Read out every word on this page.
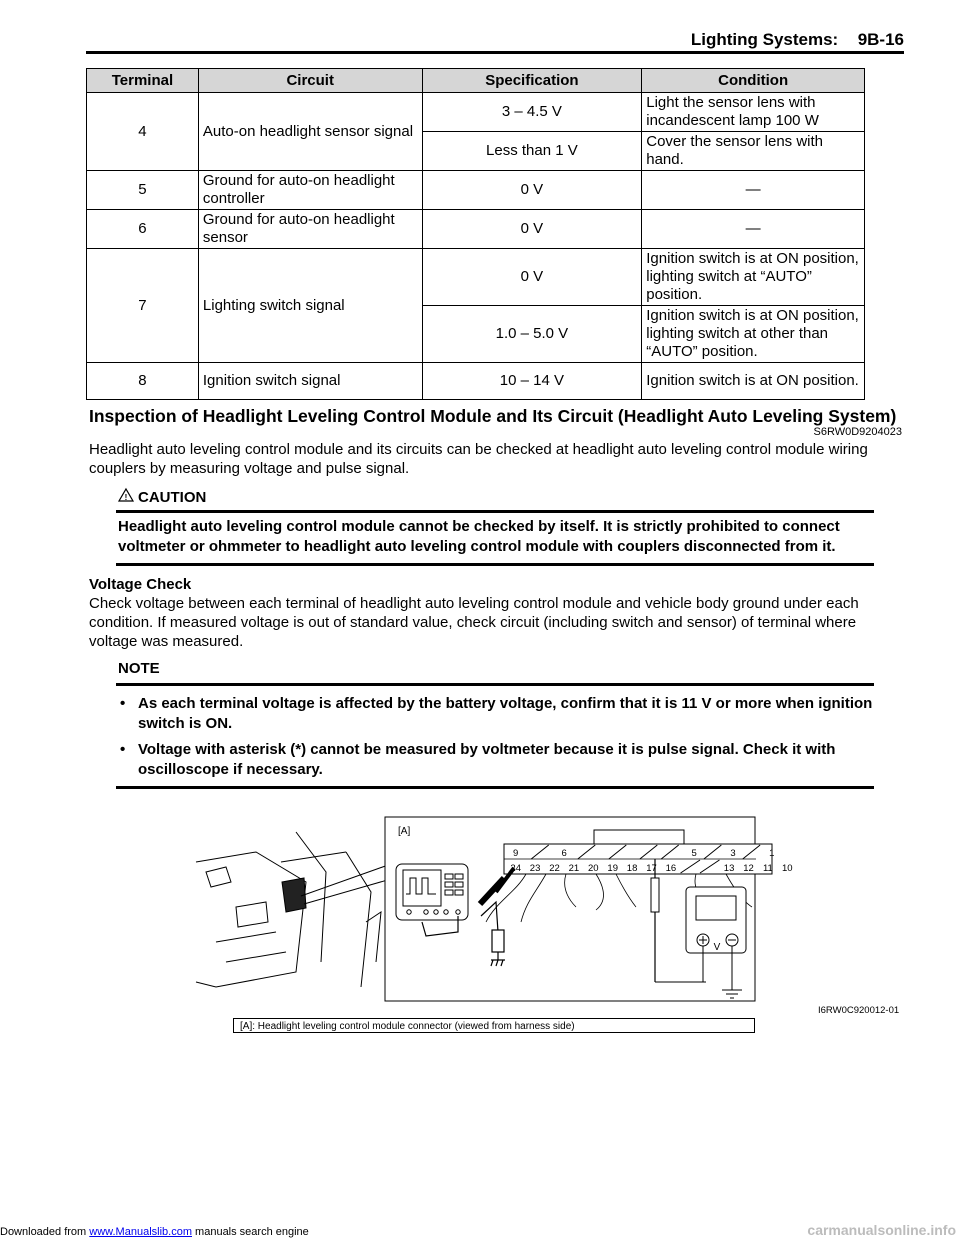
Lighting Systems: 9B-16
Terminal	Circuit	Specification	Condition
4	Auto-on headlight sensor signal	3 – 4.5 V	Light the sensor lens with incandescent lamp 100 W
		Less than 1 V	Cover the sensor lens with hand.
5	Ground for auto-on headlight controller	0 V	—
6	Ground for auto-on headlight sensor	0 V	—
7	Lighting switch signal	0 V	Ignition switch is at ON position, lighting switch at “AUTO” position.
		1.0 – 5.0 V	Ignition switch is at ON position, lighting switch at other than “AUTO” position.
8	Ignition switch signal	10 – 14 V	Ignition switch is at ON position.
Inspection of Headlight Leveling Control Module and Its Circuit (Headlight Auto Leveling System)
S6RW0D9204023
Headlight auto leveling control module and its circuits can be checked at headlight auto leveling control module wiring couplers by measuring voltage and pulse signal.
! CAUTION
Headlight auto leveling control module cannot be checked by itself. It is strictly prohibited to connect voltmeter or ohmmeter to headlight auto leveling control module with couplers disconnected from it.
Voltage Check
Check voltage between each terminal of headlight auto leveling control module and vehicle body ground under each condition. If measured voltage is out of standard value, check circuit (including switch and sensor) of terminal where voltage was measured.
NOTE
• As each terminal voltage is affected by the battery voltage, confirm that it is 11 V or more when ignition switch is ON.
• Voltage with asterisk (*) cannot be measured by voltmeter because it is pulse signal. Check it with oscilloscope if necessary.
[A]
9	6	5	3	1
24 23 22 21 20 19 18 17 16	13 12 11 10
V
I6RW0C920012-01
[A]: Headlight leveling control module connector (viewed from harness side)
Downloaded from www.Manualslib.com manuals search engine	carmanualsonline.info
